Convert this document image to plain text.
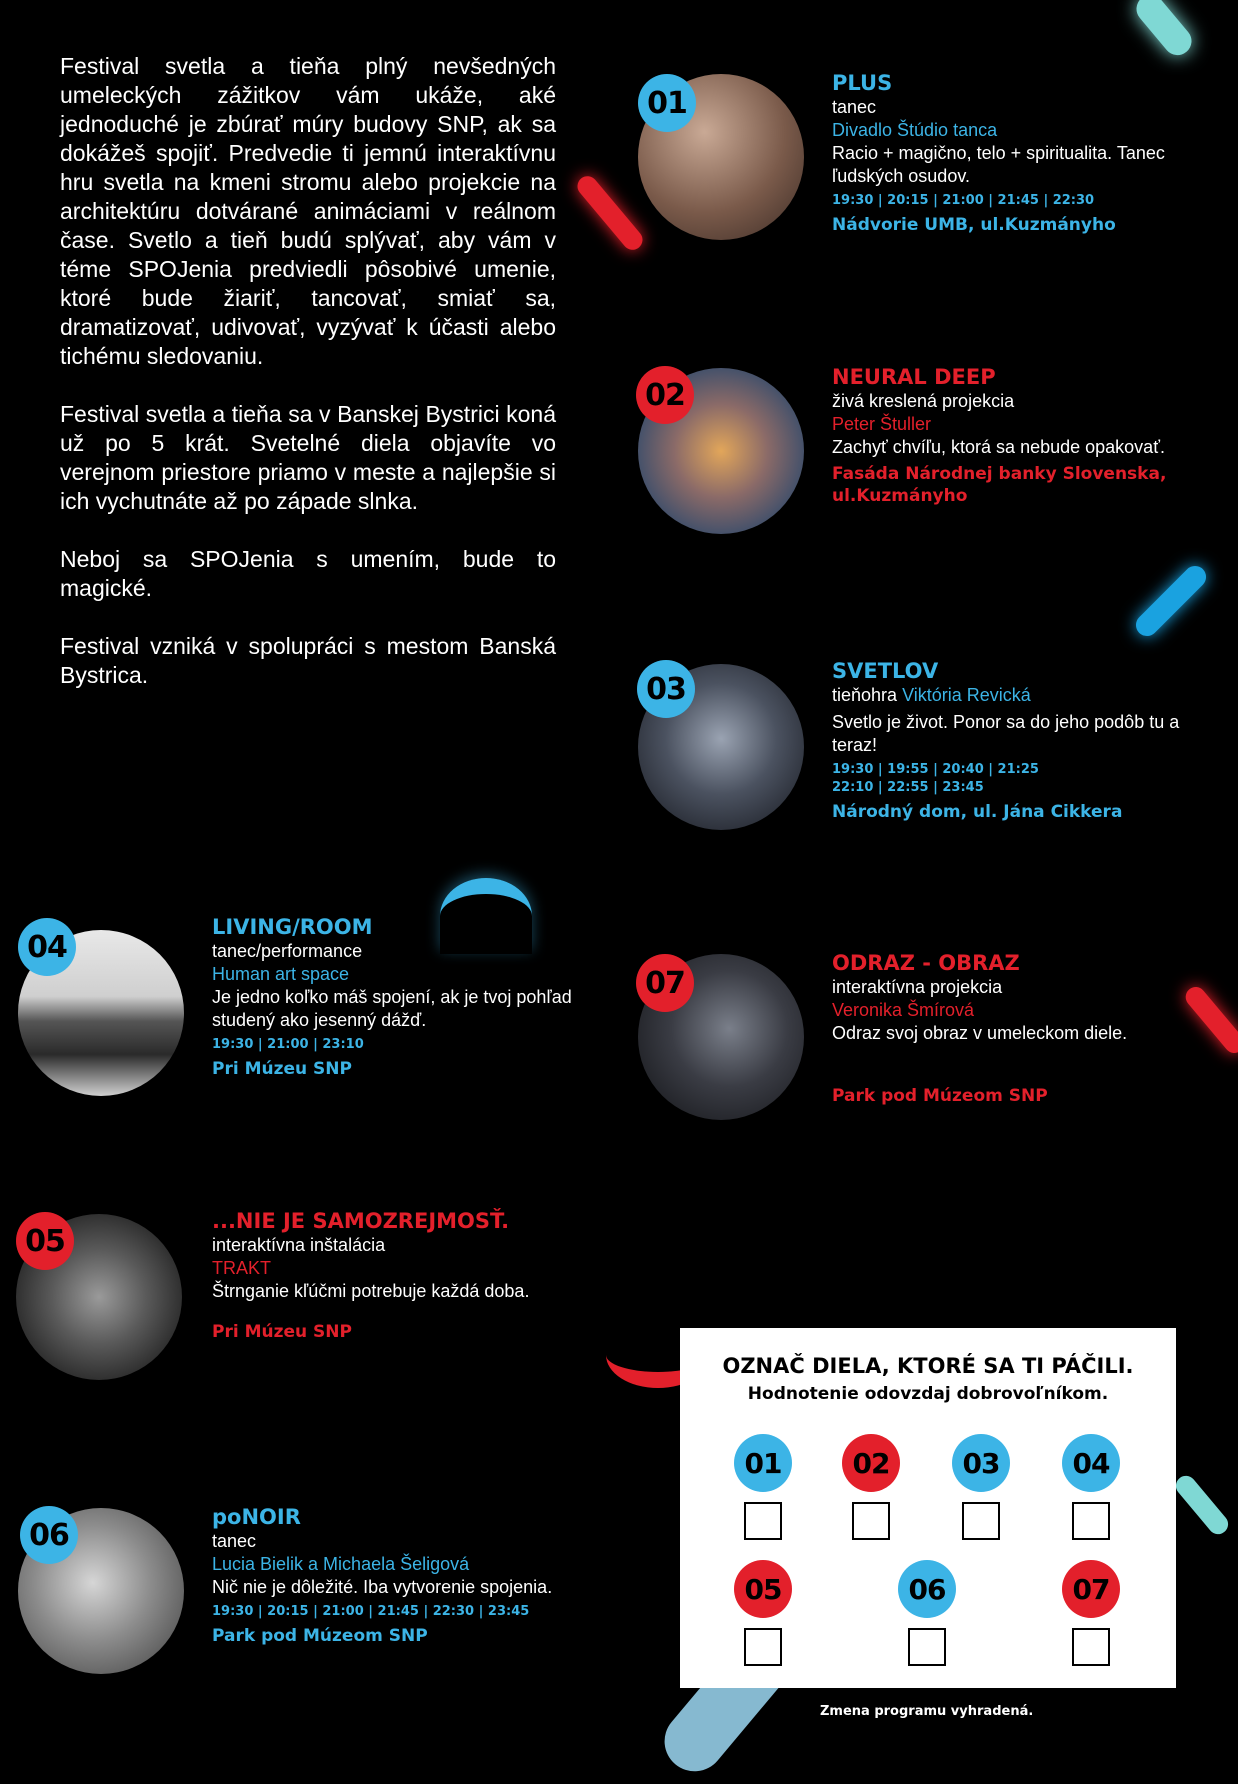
Festival svetla a tieňa plný nevšedných umeleckých zážitkov vám ukáže, aké jednoduché je zbúrať múry budovy SNP, ak sa dokážeš spojiť. Predvedie ti jemnú interaktívnu hru svetla na kmeni stromu alebo projekcie na architektúru dotvárané animáciami v reálnom čase. Svetlo a tieň budú splývať, aby vám v téme SPOJenia predviedli pôsobivé umenie, ktoré bude žiariť, tancovať, smiať sa, dramatizovať, udivovať, vyzývať k účasti alebo tichému sledovaniu.

Festival svetla a tieňa sa v Banskej Bystrici koná už po 5 krát. Svetelné diela objavíte vo verejnom priestore priamo v meste a najlepšie si ich vychutnáte až po západe slnka.

Neboj sa SPOJenia s umením, bude to magické.

Festival vzniká v spolupráci s mestom Banská Bystrica.

01
PLUS
tanec
Divadlo Štúdio tanca
Racio + magično, telo + spiritualita. Tanec ľudských osudov.
19:30 | 20:15 | 21:00 | 21:45 | 22:30
Nádvorie UMB, ul.Kuzmányho
02
NEURAL DEEP
živá kreslená projekcia
Peter Štuller
Zachyť chvíľu, ktorá sa nebude opakovať.
Fasáda Národnej banky Slovenska, ul.Kuzmányho
03
SVETLOV
tieňohra Viktória Revická
Svetlo je život. Ponor sa do jeho podôb tu a teraz!
19:30 | 19:55 | 20:40 | 21:25
22:10 | 22:55 | 23:45
Národný dom, ul. Jána Cikkera
04
LIVING/ROOM
tanec/performance
Human art space
Je jedno koľko máš spojení, ak je tvoj pohľad studený ako jesenný dážď.
19:30 | 21:00 | 23:10
Pri Múzeu SNP
07
ODRAZ - OBRAZ
interaktívna projekcia
Veronika Šmírová
Odraz svoj obraz v umeleckom diele.
Park pod Múzeom SNP
05
...NIE JE SAMOZREJMOSŤ.
interaktívna inštalácia
TRAKT
Štrnganie kľúčmi potrebuje každá doba.
Pri Múzeu SNP
06
poNOIR
tanec
Lucia Bielik a Michaela Šeligová
Nič nie je dôležité. Iba vytvorenie spojenia.
19:30 | 20:15 | 21:00 | 21:45 | 22:30 | 23:45
Park pod Múzeom SNP
OZNAČ DIELA, KTORÉ SA TI PÁČILI.
Hodnotenie odovzdaj dobrovoľníkom.
01	02	03	04
05	06	07
Zmena programu vyhradená.
